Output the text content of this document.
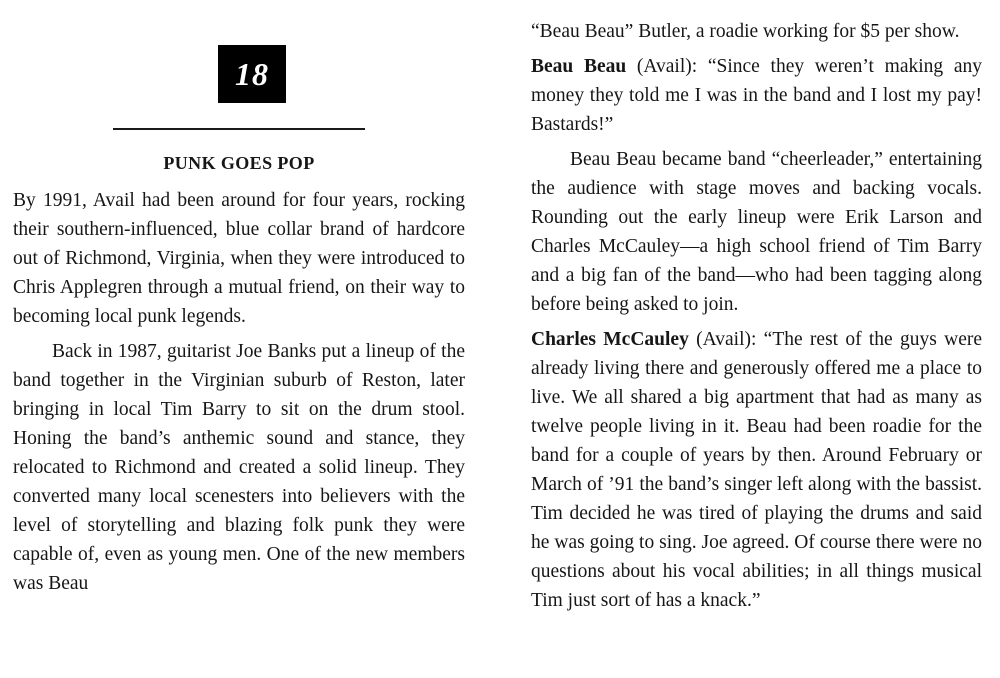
18
PUNK GOES POP

By 1991, Avail had been around for four years, rocking their southern-influenced, blue collar brand of hardcore out of Richmond, Virginia, when they were introduced to Chris Applegren through a mutual friend, on their way to becoming local punk legends.

Back in 1987, guitarist Joe Banks put a lineup of the band together in the Virginian suburb of Reston, later bringing in local Tim Barry to sit on the drum stool. Honing the band’s anthemic sound and stance, they relocated to Richmond and created a solid lineup. They converted many local scenesters into believers with the level of storytelling and blazing folk punk they were capable of, even as young men. One of the new members was Beau

“Beau Beau” Butler, a roadie working for $5 per show.

Beau Beau (Avail): “Since they weren’t making any money they told me I was in the band and I lost my pay! Bastards!”

Beau Beau became band “cheerleader,” entertaining the audience with stage moves and backing vocals. Rounding out the early lineup were Erik Larson and Charles McCauley—a high school friend of Tim Barry and a big fan of the band—who had been tagging along before being asked to join.

Charles McCauley (Avail): “The rest of the guys were already living there and generously offered me a place to live. We all shared a big apartment that had as many as twelve people living in it. Beau had been roadie for the band for a couple of years by then. Around February or March of ’91 the band’s singer left along with the bassist. Tim decided he was tired of playing the drums and said he was going to sing. Joe agreed. Of course there were no questions about his vocal abilities; in all things musical Tim just sort of has a knack.”
